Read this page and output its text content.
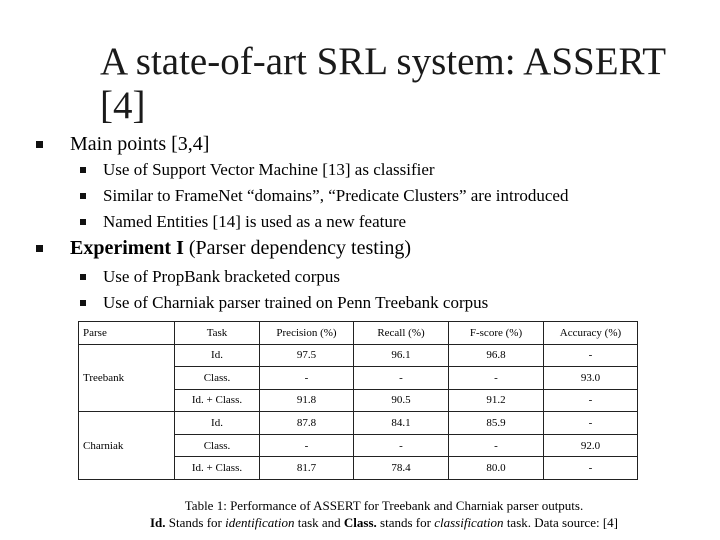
A state-of-art SRL system: ASSERT [4]
Main points [3,4]
Use of Support Vector Machine [13] as classifier
Similar to FrameNet “domains”, “Predicate Clusters” are introduced
Named Entities [14] is used as a new feature
Experiment I (Parser dependency testing)
Use of PropBank bracketed corpus
Use of Charniak parser trained on Penn Treebank corpus
Parse	Task	Precision (%)	Recall (%)	F-score (%)	Accuracy (%)
Treebank	Id.	97.5	96.1	96.8	-
	Class.	-	-	-	93.0
	Id. + Class.	91.8	90.5	91.2	-
Charniak	Id.	87.8	84.1	85.9	-
	Class.	-	-	-	92.0
	Id. + Class.	81.7	78.4	80.0	-
Table 1: Performance of ASSERT for Treebank and Charniak parser outputs.
Id. Stands for identification task and Class. stands for classification task. Data source: [4]
